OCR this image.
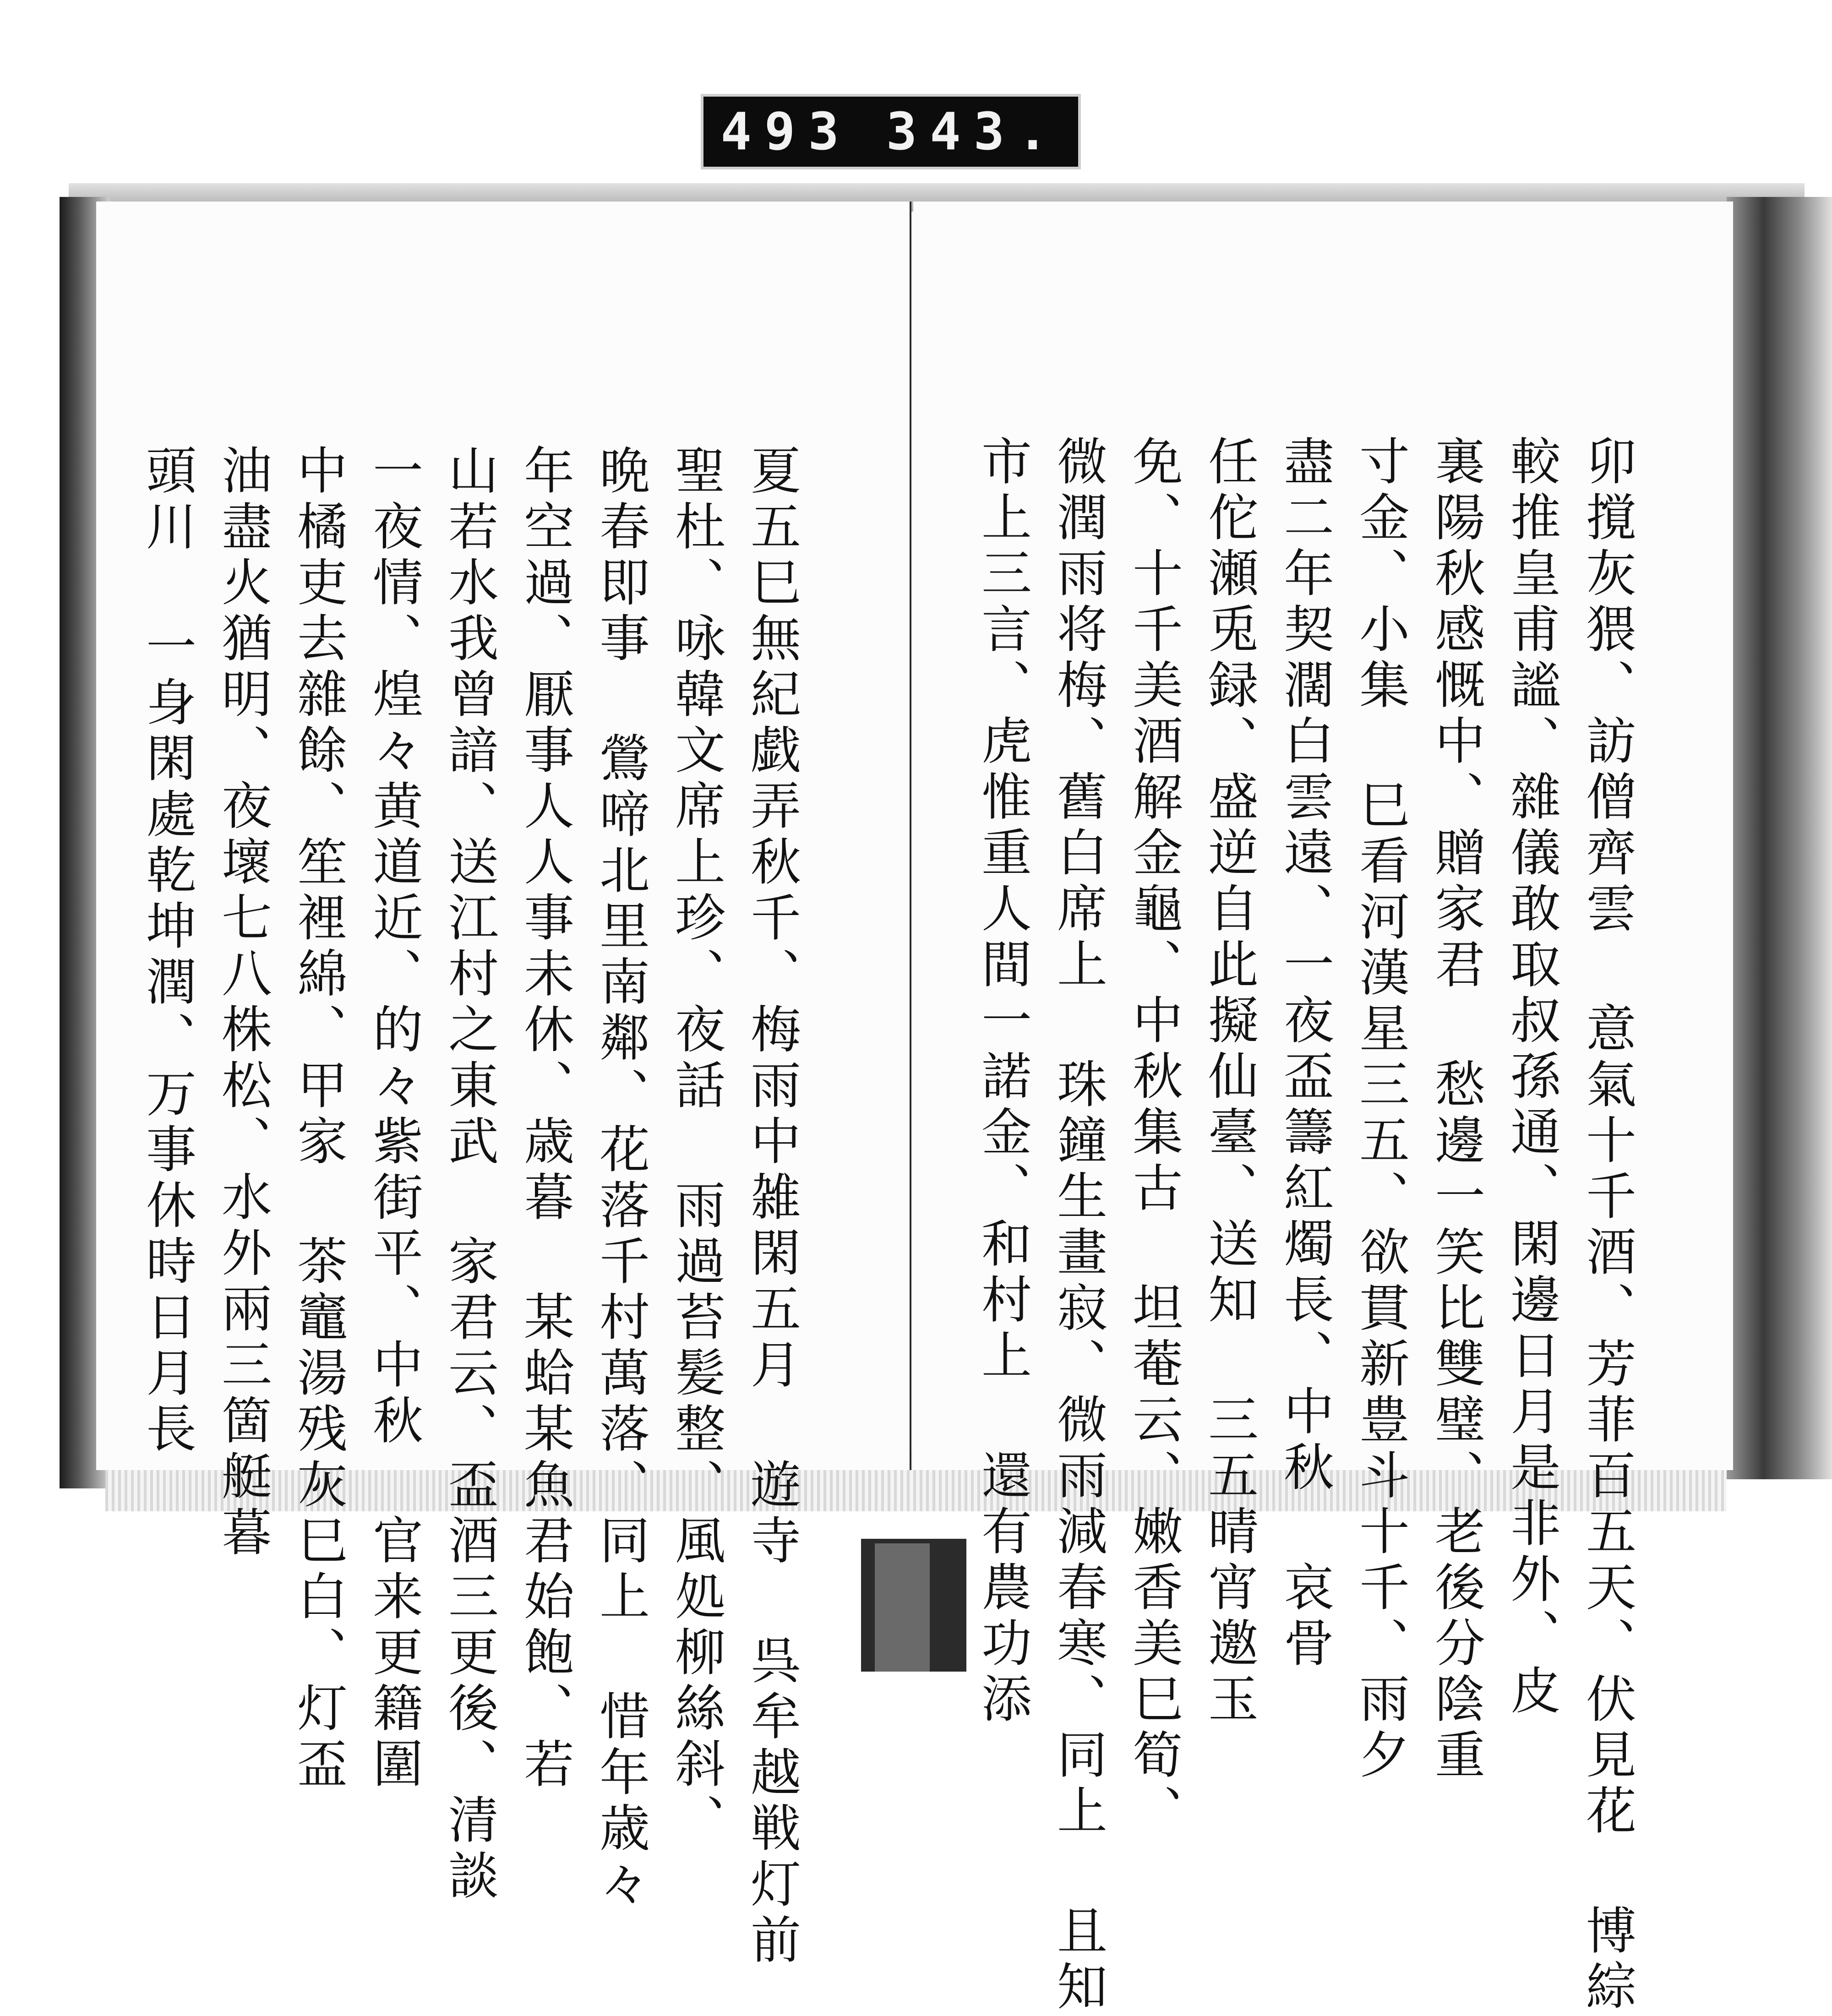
493 343.
頭川 一身閑處乾坤潤、万事休時日月長 油盡火猶明、夜壞七八株松、水外兩三箇艇暮 中橘吏去雜餘、笙裡綿、甲家 茶竈湯残灰巳白、灯盃 一夜情、煌々黄道近、的々紫街平、中秋 官来更籍圍 山若水我曾諳、送江村之東武 家君云、盃酒三更後、清談 年空過、厭事人人事未休、歳暮 某蛤某魚君始飽、若 晩春即事 鶯啼北里南鄰、花落千村萬落、同上 惜年歳々 聖杜、咏韓文席上珍、夜話 雨過苔髪整、風処柳絲斜、 夏五巳無紀戯弄秋千、梅雨中雑閑五月 遊寺 呉牟越戦灯前	市上三言、虎惟重人間一諾金、和村上 還有農功添 微潤雨将梅、舊白席上 珠鐘生畫寂、微雨減春寒、同上 且知 免、十千美酒解金龜、中秋集古 坦菴云、嫩香美巳筍、 任佗瀬兎録、盛逆自此擬仙臺、送知 三五晴宵邀玉 盡二年契濶白雲遠、一夜盃籌紅燭長、中秋 哀骨 寸金、小集 巳看河漢星三五、欲貫新豊斗十千、雨夕 裏陽秋感慨中、贈家君 愁邊一笑比雙璧、老後分陰重 較推皇甫謐、雜儀敢取叔孫通、閑邊日月是非外、皮 卯撹灰猥、訪僧齊雲 意氣十千酒、芳菲百五天、伏見花 博綜
